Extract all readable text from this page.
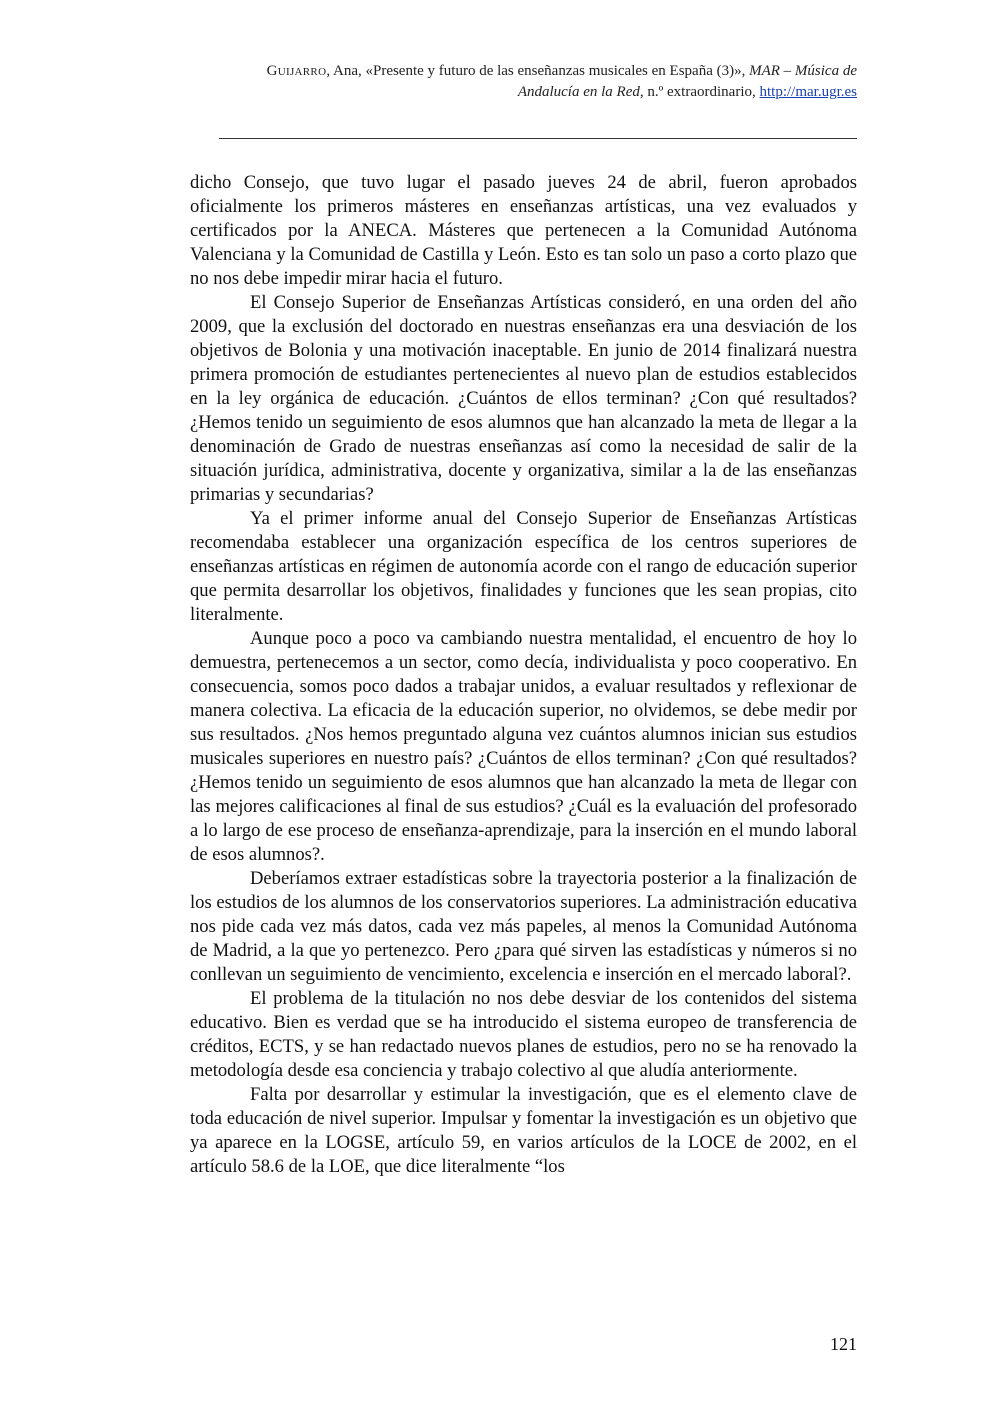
Guijarro, Ana, «Presente y futuro de las enseñanzas musicales en España (3)», MAR – Música de
Andalucía en la Red, n.º extraordinario, http://mar.ugr.es

dicho Consejo, que tuvo lugar el pasado jueves 24 de abril, fueron aprobados oficialmente los primeros másteres en enseñanzas artísticas, una vez evaluados y certificados por la ANECA. Másteres que pertenecen a la Comunidad Autónoma Valenciana y la Comunidad de Castilla y León. Esto es tan solo un paso a corto plazo que no nos debe impedir mirar hacia el futuro.

El Consejo Superior de Enseñanzas Artísticas consideró, en una orden del año 2009, que la exclusión del doctorado en nuestras enseñanzas era una desviación de los objetivos de Bolonia y una motivación inaceptable. En junio de 2014 finalizará nuestra primera promoción de estudiantes pertenecientes al nuevo plan de estudios establecidos en la ley orgánica de educación. ¿Cuántos de ellos terminan? ¿Con qué resultados? ¿Hemos tenido un seguimiento de esos alumnos que han alcanzado la meta de llegar a la denominación de Grado de nuestras enseñanzas así como la necesidad de salir de la situación jurídica, administrativa, docente y organizativa, similar a la de las enseñanzas primarias y secundarias?

Ya el primer informe anual del Consejo Superior de Enseñanzas Artísticas recomendaba establecer una organización específica de los centros superiores de enseñanzas artísticas en régimen de autonomía acorde con el rango de educación superior que permita desarrollar los objetivos, finalidades y funciones que les sean propias, cito literalmente.

Aunque poco a poco va cambiando nuestra mentalidad, el encuentro de hoy lo demuestra, pertenecemos a un sector, como decía, individualista y poco cooperativo. En consecuencia, somos poco dados a trabajar unidos, a evaluar resultados y reflexionar de manera colectiva. La eficacia de la educación superior, no olvidemos, se debe medir por sus resultados. ¿Nos hemos preguntado alguna vez cuántos alumnos inician sus estudios musicales superiores en nuestro país? ¿Cuántos de ellos terminan? ¿Con qué resultados? ¿Hemos tenido un seguimiento de esos alumnos que han alcanzado la meta de llegar con las mejores calificaciones al final de sus estudios? ¿Cuál es la evaluación del profesorado a lo largo de ese proceso de enseñanza-aprendizaje, para la inserción en el mundo laboral de esos alumnos?.

Deberíamos extraer estadísticas sobre la trayectoria posterior a la finalización de los estudios de los alumnos de los conservatorios superiores. La administración educativa nos pide cada vez más datos, cada vez más papeles, al menos la Comunidad Autónoma de Madrid, a la que yo pertenezco. Pero ¿para qué sirven las estadísticas y números si no conllevan un seguimiento de vencimiento, excelencia e inserción en el mercado laboral?.

El problema de la titulación no nos debe desviar de los contenidos del sistema educativo. Bien es verdad que se ha introducido el sistema europeo de transferencia de créditos, ECTS, y se han redactado nuevos planes de estudios, pero no se ha renovado la metodología desde esa conciencia y trabajo colectivo al que aludía anteriormente.

Falta por desarrollar y estimular la investigación, que es el elemento clave de toda educación de nivel superior. Impulsar y fomentar la investigación es un objetivo que ya aparece en la LOGSE, artículo 59, en varios artículos de la LOCE de 2002, en el artículo 58.6 de la LOE, que dice literalmente “los

121
